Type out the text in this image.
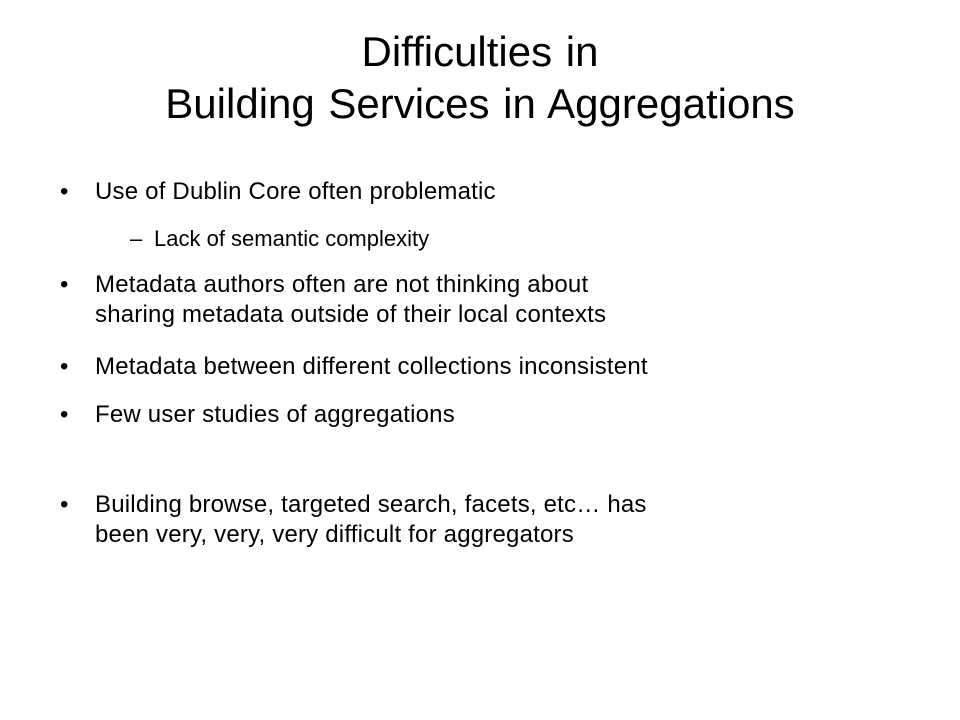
Difficulties in
Building Services in Aggregations
• Use of Dublin Core often problematic
– Lack of semantic complexity
• Metadata authors often are not thinking about
sharing metadata outside of their local contexts
• Metadata between different collections inconsistent
• Few user studies of aggregations
• Building browse, targeted search, facets, etc… has
been very, very, very difficult for aggregators
